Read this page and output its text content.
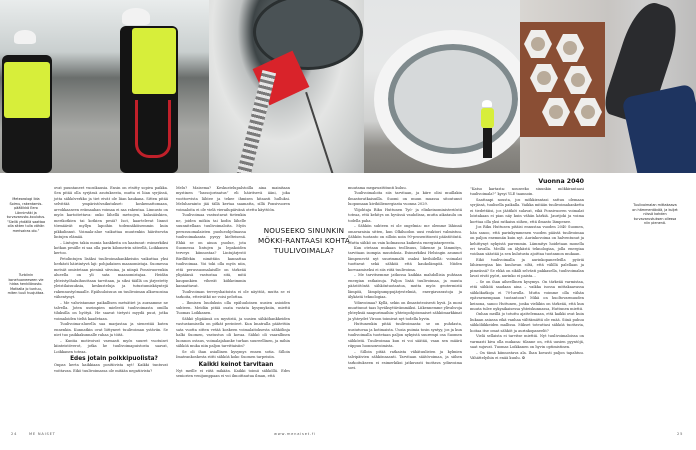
Meteorologi Iida Soimu, rakentamis-päällikkö Eero Lönnimäki ja turvavarusto-koulutus. ”Siellä yhdällä saattaa olla sitten tulla vähän merisairas olo.”
Turbiinin konehuoneeseen vie hidas henkilönosto. Matkalla jo tuntuu, miten tuuli huojuttaa.

ovat puuntaneet vuosikausia. Ensin on etsitty sopiva paikka. Sen pitää olla syrjässä asutuksesta, mutta ei liian syrjässä, jotta sähköverkko ja tiet eivät ole liian kaukana. Sitten pitää selvittää ympäristövaikutukset: koskemattomaan, arvokkaaseen erämaahan voimaa ei saa rakentaa. Linnusto on myös kartoitettava: onko lähellä metsojen, kalasääskien, merikotkien tai kotkien pesiä? Isot, kaartelevat linnut törmäävät myllyn lapoihin todennäköisemmin kuin pikkulinnut. Voimala-alue vaikuttaa muutenkin häiritsevän lintujen elämää.

– Lintujen takia monia hankkeita on kaatunut: esimerkiksi kotkan pesälle ei saa olla parin kilometrin säteellä, Loikkanen kertoo.

Petolintujen lisäksi tuulivoimahankkeisiin vaikuttaa yksi herkästi häiriintyvä laji: pohjadaisen maanomistaja. Suomessa metsät omistetaan pieninä siivuina, ja niinpä Ponsivuorenkin alueella on yli sata maanomistajaa. Heidän yhteistyöhaluihuuttaan tarvitaan, ja siksi täällä on järjestetty yleistilaisuuksia, keskusteluja ja tutustumiskäyntejä rakennustyömaalle. Epäluuloisuus on tuulivoiman alkuvuosina vähentynyt.

– Me vahvistamme paikallisen metsätiet ja auraamme ne talvella. Joten useimpien mielestä tuulivoimasta omilla tiluksilla on hyötyä. He saavat tietysti myydä puut, jotka voimaloiden tieltä kaadetaan.

Tuulivoima-alueella saa marjastaa ja sienestää kuten ennenkin. Kunnatkin ovat liittyneet tuulivoiman ystäviin. Se niet tuo paikkakunnalle rahaa ja töitä.

– Kuntia motivoivat varmasti myös suuret vuotuiset kiinteistöverot, jotka he tuulivoimapuistosta saavat, Loikkanen toteaa.

Edes jotain poikkipuolista?

Onpas kerta kaikkiaan positiivista nyt! Kaikki tuntuvat voittavan. Eikö tuulivoimassa ole mitään negatiivista?

Melu? Maisema? Keskustelupalstoilla aina mainitaan mystinen ”bassojorinatus” eli häiritsevä ääni, joka voottorvista lähtee ja tekee ihmisen hitaasti hulluksi. Meluhavainto jää tällä kertaa saamatta, sillä Ponsivuoren voimaloita ei ole vielä vierailupäivänä otettu käyttöön.

Tuulivoimaa vastustavat tietenkin ne, joiden mökin tai kodin lähelle suunnitellaan tuulivoimaloita. Myös perussuomalaisten puolueohjelmassa tuulivoimakanta pysyy kielteisenä. Ehkä se on ainoa puolue, jota Suomessa lintujen ja lepakoiden terveys kiinnostaa? Lintujärjestö Birdlifekin nimittäin kannattaa tuulivoimaa. Voi toki olla myös niin, että perussuomalaisille on tärkeää ylipäänsä vastustaa sitä, mitä kaupunkien vihreät kiihkeimmin kannattavat.

Tuulivoiman terveyshaitoista ei ole näyttöä, mutta se ei tarkoita, etteivätkö ne voisi pelottaa.

– Ihmisen luuduksin olla epäluuloinen uusien asioiden suhteen. Meidän pitää osata vastata kysymyksiin, miettii Tuomas Loikkanen.

Sähkö ylipäänsä on mystistä, ja uusien sähköhankkeiden vastustamisella on pitkät perinteet. Kun Imatralla päätettiin sata vuotta sitten vetää koskeen voimalaitoksesta sähkölinja halki Suomen, vastustus oli kovaa. Sähkö oli vaarallinen luonnon ostaus, voimalajahanke turhan suureellinen, ja mihin sähköä muka niin paljon tarvittaisiin?

Se oli ihan asiallinen kysymys ennen sotia. Silloin Imatrankoskesta riitti sähköä koko Suomen tarpeisiin.

Kaikki keinot tarvitaan

Nyt meille ei riitä mikään. Kaikki toimii sähköllä. Edes seniorien venijumppaan ei voi ilmoittautua ilman, että

NOUSEEKO SINUNKIN MÖKKI-RANTAASI KOHTA TUULIVOIMALA?

muutama megawattitunti kuluu.

Tuulivoimaloita siis tarvitaan, ja kiire olisi muillakin ilmastoratkaisuilla. Suomi on muun muassa sitoutunut luopumaan kivihiilienergiasta vuonna 2029.

Ylijohtaja Riku Huttunen Työ- ja elinkeinoministeriöstä toteaa, että kehitys on hyvässä vauhdissa, mutta aikataulu on todella paha.

– Sähkön suhteen ei ole ongelmia: me olemme lähinnä omavaraisia sitten, kun Olkiluodon uusi reaktori valmistuu. Sähkön tuotanto on silloin noin 90-prosenttisesti päästötöntä. Mutta sähkö on vain kolmasosa kaikesta energiatarpeesta.

Kun otetaan mukaan teollisuus, liikenne ja lämmitys, tarvitaan isompia muutoksia. Esimerkiksi Helsingin asunnot lämpenevät nyt suurimmalti osaksi kivihiilellä: voimalat tuottavat sekä sähköä että kaukolämpöä. Niiden korvaamiseksi ei siis riitä tuulivoima.

– Me tarvitsemme jatkossa kaikkia mahdollisia puhtaan energian ratkaisuja. Paljon lisää tuulivoimaa, ja muuta päästötöntä sähköntuotantoa, mutta myös geotermistä lämpöä, lämpöpumppujärjestelmiä, energiavarastoja ja älykästä teknologiaa.

Ydinvoimaa? Kyllä, sekin on ilmastoteoisesti hyvä. Ja moni muuttunut taas hyväksyttävämmäksi. Liikennemme ylivahvoja yhteyksiä naapurimaihin: yhteispohjoismaiset sähkömarkkinat ja yhteydet Viroon toimivat nyt todella hyvin.

Huttunenkin pitää tuulivoimasta: se on puhdasta, uusiutuvaa ja kotimaista. Uusia puimia tosin syntyy, jos ja kun tuulivoimalla tuotetaan paljon nykyistä suurempi osa Suomen sähköstä. Tuulivoimaa kun ei voi säätää, vaan sen määrä riippuu luonnonvoimista.

– Silloin pitää ratkaista vähätuulisten ja kylmien talvipäivien sähkönsaanti. Tarvitaan säätövoimaa, ja siihen tarkoitukseen ei esimerkiksi jatkuvasti tuottava ydinvoima sovi.

Vuonna 2040

”Katso kartasta: nouseeko sinunkin mökkirantaasi tuulivoimala?” kysyi YLE taannoin.

Saattaapi nousta, jos mökkirantasi sattuu olemaan syrjässä, tuulisella paikalla. Vaikka mitään tuulivoimahanketta ei tiedettäisi, jos jäätiköt sulavat, eikä Ponsivuoren voimalat loistakaan ei pian näy kuin vähän kärkiä. Jaurijoki ja voima korttaa olla yksi ratkaisu siihen, että ilmasto lämpenee.

Jos Riku Huttusen pitäisi ennustaa vuoden 2040 Suomen, hän sanoo, että parinkymmenen vuoden päästä tuulivoimaa on paljon enemmän kuin nyt. Aurinkovoima on halventunut ja kehittynyt nykyistä paremmin. Lämmitys hoidetaan monella eri tavalla. Meillä on älykästä teknologiaa, jolla energiaa voidaan säästää ja sen kulutusta ajoittaa tuotannon mukaan.

Eikö tuulivoimalla ja aurinkopaneeleilla pyöriä lähienergiaa kin kuuluvan siltä, että välillä palellaan ja pimeässä? Se ehkä on sikäli selvästi pakkasella, tuulivoimalan lavat eivät pyöri, aurinko ei paista...

– Se on ihan aiheellinen kysymys. On tärkeää varmistaa, että sähköä saadaan aina – vaikka isossa mittakaavassa sähkökatkoja ei 70-luvulla. Mutta voimme olla vähän epävarmempaan tuotantoon? Mikä on huoltovarmuuden keinona, sanoo Huttunen, jonka vieläkin on tärkeää, että kun muuta tulee nykyaikaisessa yhteiskunnassa, Huttunen miettii.

Onhan meillä jo totuttu ajattelemaan, että kaikki ovat kuin liukaan asiassa eikä vanhaa välttämättä ole enää. Siinä puhuu sähköliikkeiden mallissa. Mikset toteuttasi sähköä tuottavia, hoitaa itse omat sähköt ja aurinkopaneelit?

Vielä sellaista ei tarvitse miettiä. Nyt tuulivoimaloissa on varmasti kiva olla mukana: tilanne on, että uusien pyyntöjä, saat sujuvat. Tuomas Loikkanen on hyvin optimistinen.

– On tämä kiinnostava ala. Ihan kovasti paljon tapahtuu. Vähättelyihin ei enää kuulu. ❂

Tuulivoimalan mittakaava on hämmentävää, ja kuljet niissä kahden turvavarustuksen ollessa niin pienenä.
24	ME NAISET	www.menaiset.fi	25
